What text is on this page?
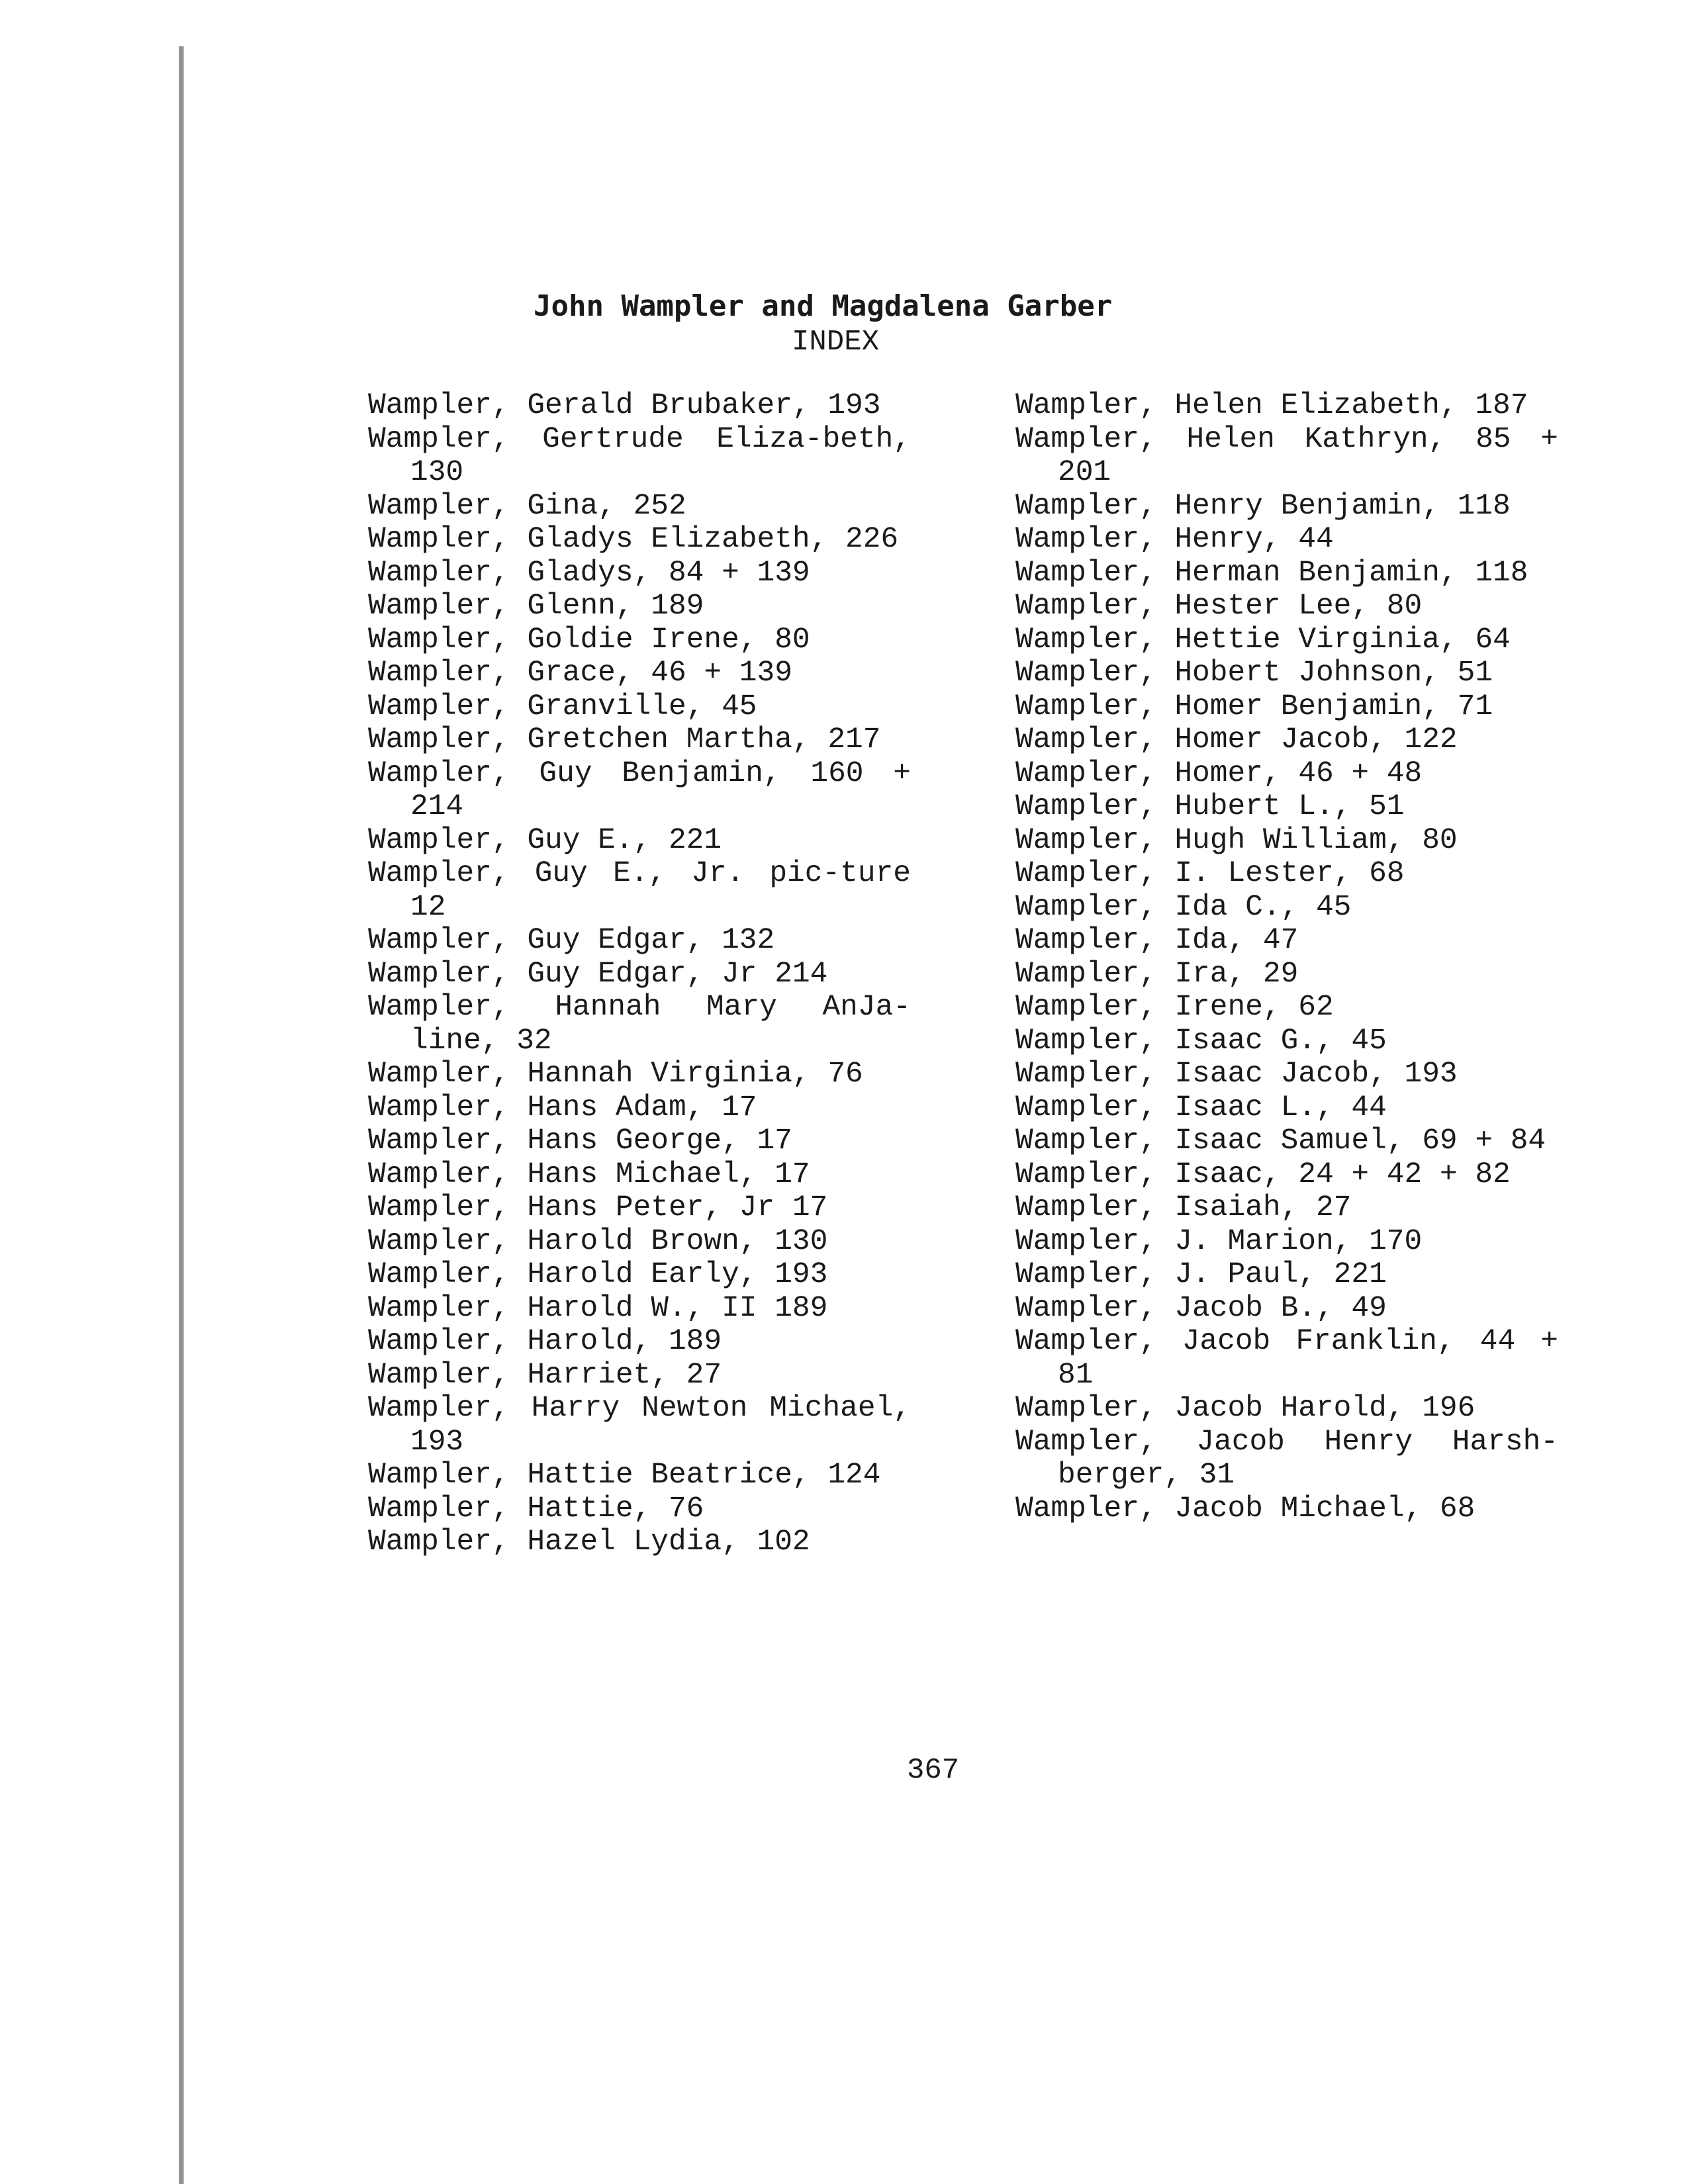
John Wampler and Magdalena Garber
INDEX
Wampler, Gerald Brubaker, 193
Wampler, Gertrude Eliza-beth, 130
Wampler, Gina, 252
Wampler, Gladys Elizabeth, 226
Wampler, Gladys, 84 + 139
Wampler, Glenn, 189
Wampler, Goldie Irene, 80
Wampler, Grace, 46 + 139
Wampler, Granville, 45
Wampler, Gretchen Martha, 217
Wampler, Guy Benjamin, 160 + 214
Wampler, Guy E., 221
Wampler, Guy E., Jr. pic-ture 12
Wampler, Guy Edgar, 132
Wampler, Guy Edgar, Jr 214
Wampler, Hannah Mary AnJa-line, 32
Wampler, Hannah Virginia, 76
Wampler, Hans Adam, 17
Wampler, Hans George, 17
Wampler, Hans Michael, 17
Wampler, Hans Peter, Jr 17
Wampler, Harold Brown, 130
Wampler, Harold Early, 193
Wampler, Harold W., II 189
Wampler, Harold, 189
Wampler, Harriet, 27
Wampler, Harry Newton Michael, 193
Wampler, Hattie Beatrice, 124
Wampler, Hattie, 76
Wampler, Hazel Lydia, 102
Wampler, Helen Elizabeth, 187
Wampler, Helen Kathryn, 85 + 201
Wampler, Henry Benjamin, 118
Wampler, Henry, 44
Wampler, Herman Benjamin, 118
Wampler, Hester Lee, 80
Wampler, Hettie Virginia, 64
Wampler, Hobert Johnson, 51
Wampler, Homer Benjamin, 71
Wampler, Homer Jacob, 122
Wampler, Homer, 46 + 48
Wampler, Hubert L., 51
Wampler, Hugh William, 80
Wampler, I. Lester, 68
Wampler, Ida C., 45
Wampler, Ida, 47
Wampler, Ira, 29
Wampler, Irene, 62
Wampler, Isaac G., 45
Wampler, Isaac Jacob, 193
Wampler, Isaac L., 44
Wampler, Isaac Samuel, 69 + 84
Wampler, Isaac, 24 + 42 + 82
Wampler, Isaiah, 27
Wampler, J. Marion, 170
Wampler, J. Paul, 221
Wampler, Jacob B., 49
Wampler, Jacob Franklin, 44 + 81
Wampler, Jacob Harold, 196
Wampler, Jacob Henry Harsh-berger, 31
Wampler, Jacob Michael, 68
367
